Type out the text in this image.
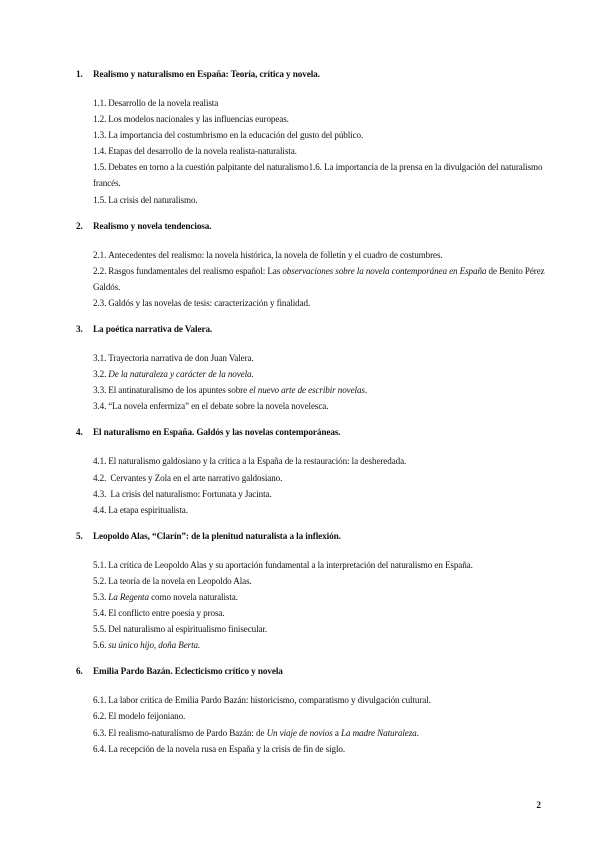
1.	Realismo y naturalismo en España: Teoría, crítica y novela.
1.1. Desarrollo de la novela realista
1.2. Los modelos nacionales y las influencias europeas.
1.3. La importancia del costumbrismo en la educación del gusto del público.
1.4. Etapas del desarrollo de la novela realista-naturalista.
1.5. Debates en torno a la cuestión palpitante del naturalismo1.6. La importancia de la prensa en la divulgación del naturalismo francés.
1.5. La crisis del naturalismo.
2.	Realismo y novela tendenciosa.
2.1. Antecedentes del realismo: la novela histórica, la novela de folletín y el cuadro de costumbres.
2.2. Rasgos fundamentales del realismo español: Las observaciones sobre la novela contemporánea en España de Benito Pérez Galdós.
2.3. Galdós y las novelas de tesis: caracterización y finalidad.
3.	La poética narrativa de Valera.
3.1. Trayectoria narrativa de don Juan Valera.
3.2. De la naturaleza y carácter de la novela.
3.3. El antinaturalismo de los apuntes sobre el nuevo arte de escribir novelas.
3.4. “La novela enfermiza” en el debate sobre la novela novelesca.
4.	El naturalismo en España. Galdós y las novelas contemporáneas.
4.1. El naturalismo galdosiano y la crítica a la España de la restauración: la desheredada.
4.2. Cervantes y Zola en el arte narrativo galdosiano.
4.3. La crisis del naturalismo: Fortunata y Jacinta.
4.4. La etapa espiritualista.
5.	Leopoldo Alas, “Clarín”: de la plenitud naturalista a la inflexión.
5.1. La crítica de Leopoldo Alas y su aportación fundamental a la interpretación del naturalismo en España.
5.2. La teoría de la novela en Leopoldo Alas.
5.3. La Regenta como novela naturalista.
5.4. El conflicto entre poesía y prosa.
5.5. Del naturalismo al espiritualismo finisecular.
5.6. su único hijo, doña Berta.
6.	Emilia Pardo Bazán. Eclecticismo crítico y novela
6.1. La labor crítica de Emilia Pardo Bazán: historicismo, comparatismo y divulgación cultural.
6.2. El modelo feijoniano.
6.3. El realismo-naturalismo de Pardo Bazán: de Un viaje de novios a La madre Naturaleza.
6.4. La recepción de la novela rusa en España y la crisis de fin de siglo.
2
